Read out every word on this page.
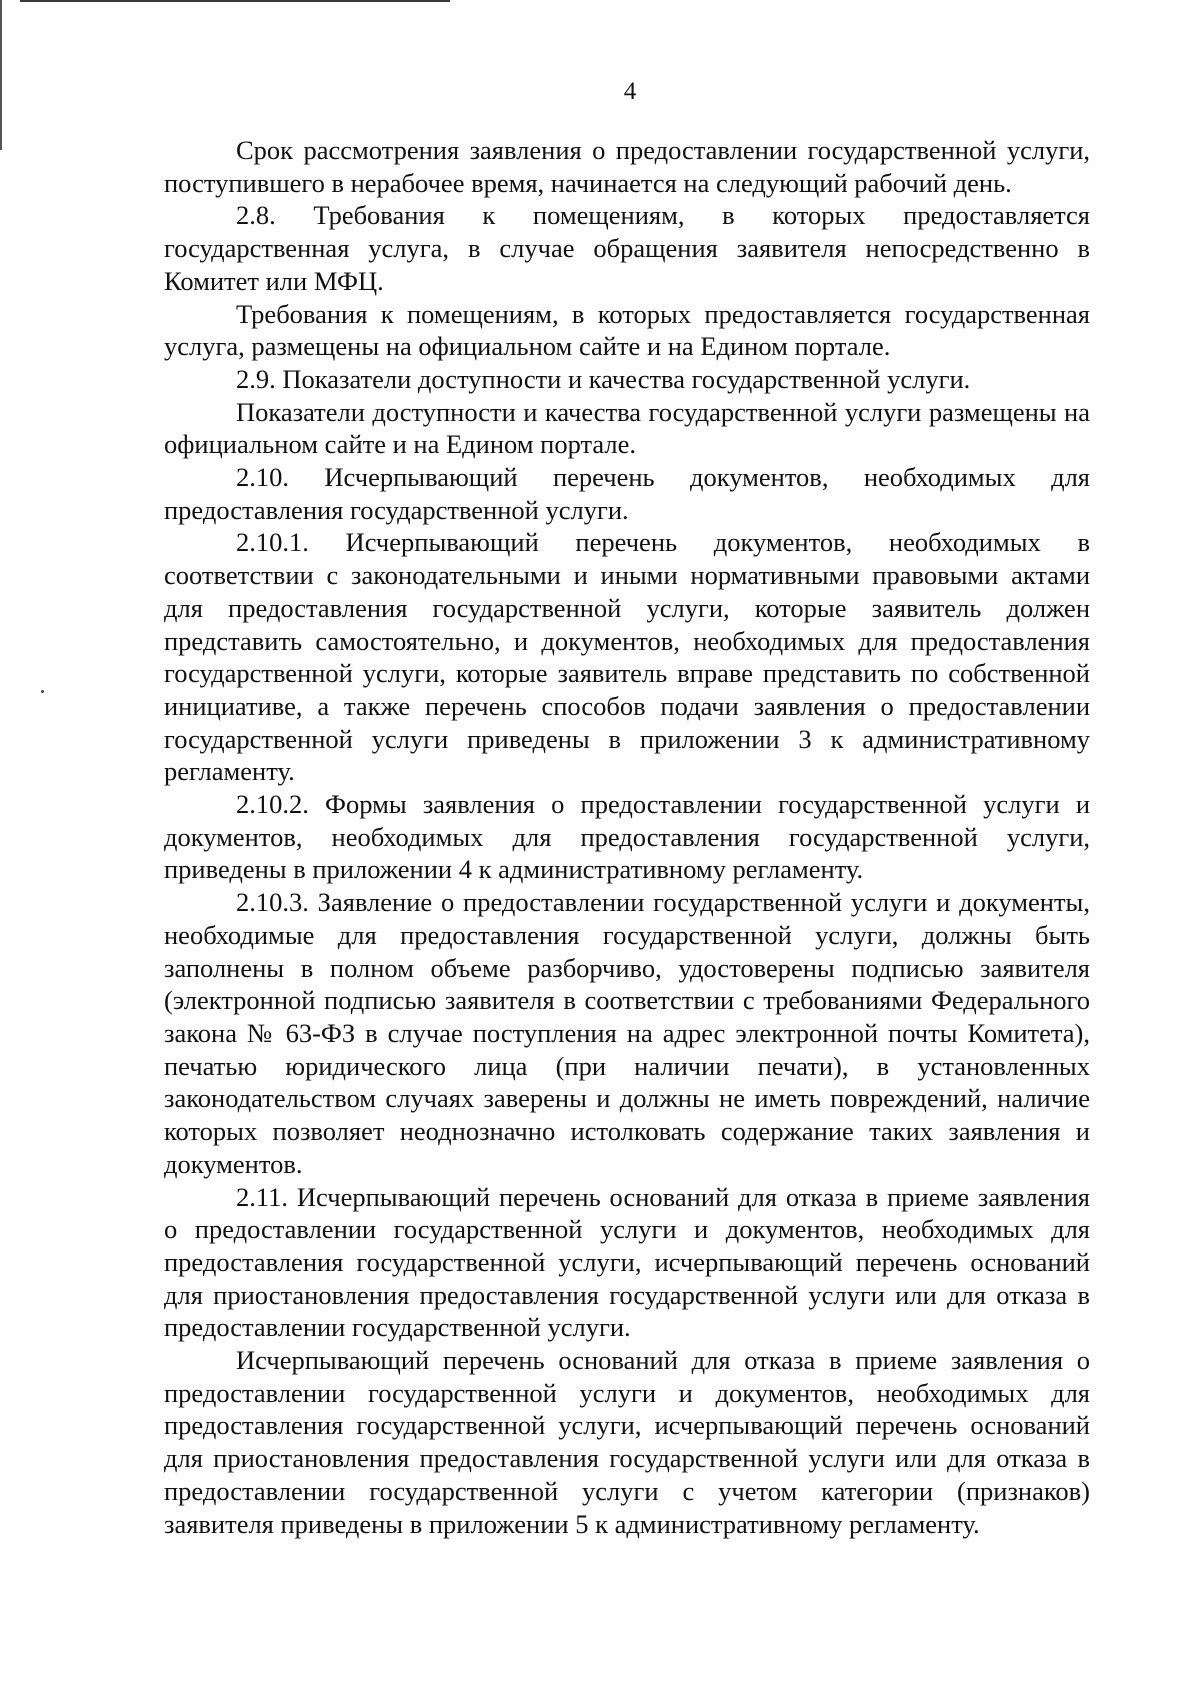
4

Срок рассмотрения заявления о предоставлении государственной услуги, поступившего в нерабочее время, начинается на следующий рабочий день.

2.8. Требования к помещениям, в которых предоставляется государственная услуга, в случае обращения заявителя непосредственно в Комитет или МФЦ.

Требования к помещениям, в которых предоставляется государственная услуга, размещены на официальном сайте и на Едином портале.

2.9. Показатели доступности и качества государственной услуги.

Показатели доступности и качества государственной услуги размещены на официальном сайте и на Едином портале.

2.10. Исчерпывающий перечень документов, необходимых для предоставления государственной услуги.

2.10.1. Исчерпывающий перечень документов, необходимых в соответствии с законодательными и иными нормативными правовыми актами для предоставления государственной услуги, которые заявитель должен представить самостоятельно, и документов, необходимых для предоставления государственной услуги, которые заявитель вправе представить по собственной инициативе, а также перечень способов подачи заявления о предоставлении государственной услуги приведены в приложении 3 к административному регламенту.

2.10.2. Формы заявления о предоставлении государственной услуги и документов, необходимых для предоставления государственной услуги, приведены в приложении 4 к административному регламенту.

2.10.3. Заявление о предоставлении государственной услуги и документы, необходимые для предоставления государственной услуги, должны быть заполнены в полном объеме разборчиво, удостоверены подписью заявителя (электронной подписью заявителя в соответствии с требованиями Федерального закона № 63-ФЗ в случае поступления на адрес электронной почты Комитета), печатью юридического лица (при наличии печати), в установленных законодательством случаях заверены и должны не иметь повреждений, наличие которых позволяет неоднозначно истолковать содержание таких заявления и документов.

2.11. Исчерпывающий перечень оснований для отказа в приеме заявления о предоставлении государственной услуги и документов, необходимых для предоставления государственной услуги, исчерпывающий перечень оснований для приостановления предоставления государственной услуги или для отказа в предоставлении государственной услуги.

Исчерпывающий перечень оснований для отказа в приеме заявления о предоставлении государственной услуги и документов, необходимых для предоставления государственной услуги, исчерпывающий перечень оснований для приостановления предоставления государственной услуги или для отказа в предоставлении государственной услуги с учетом категории (признаков) заявителя приведены в приложении 5 к административному регламенту.
